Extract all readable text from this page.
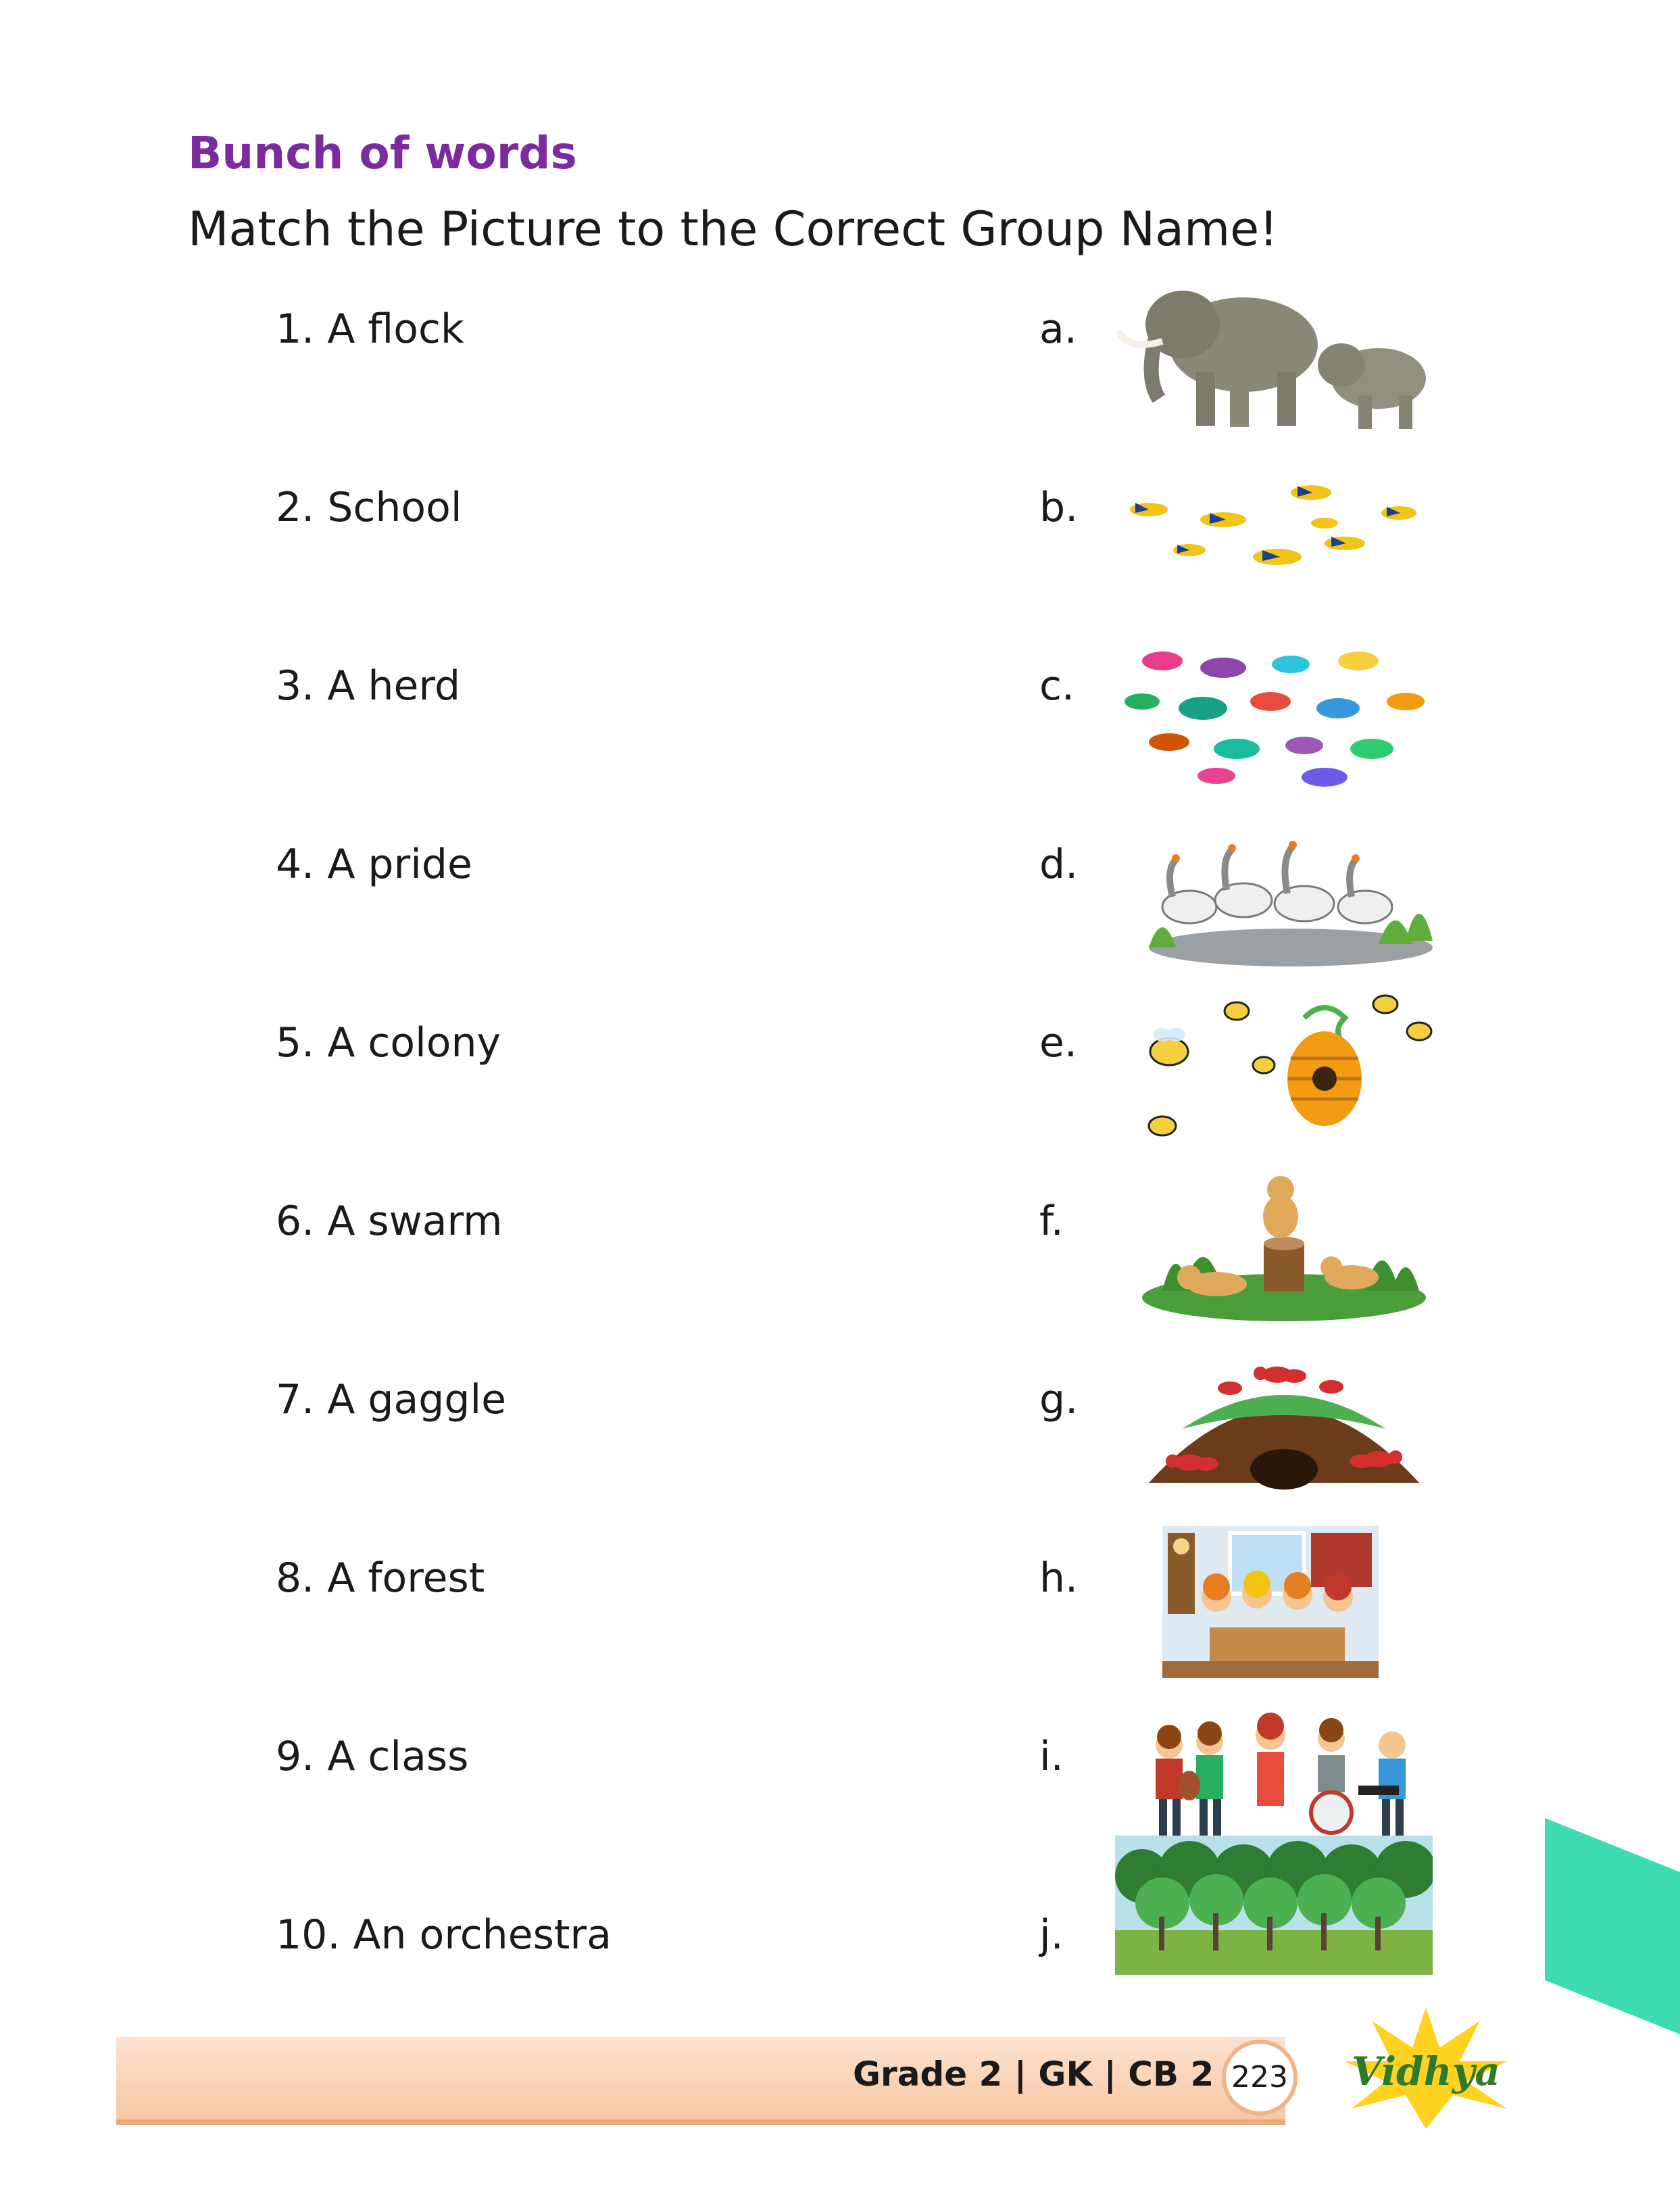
Bunch of words

Match the Picture to the Correct Group Name!

1. A flock	a.
2. School	b.
3. A herd	c.
4. A pride	d.
5. A colony	e.
6. A swarm	f.
7. A gaggle	g.
8. A forest	h.
9. A class	i.
10. An orchestra	j.
Grade 2 | GK | CB 2 223 Vidhya
